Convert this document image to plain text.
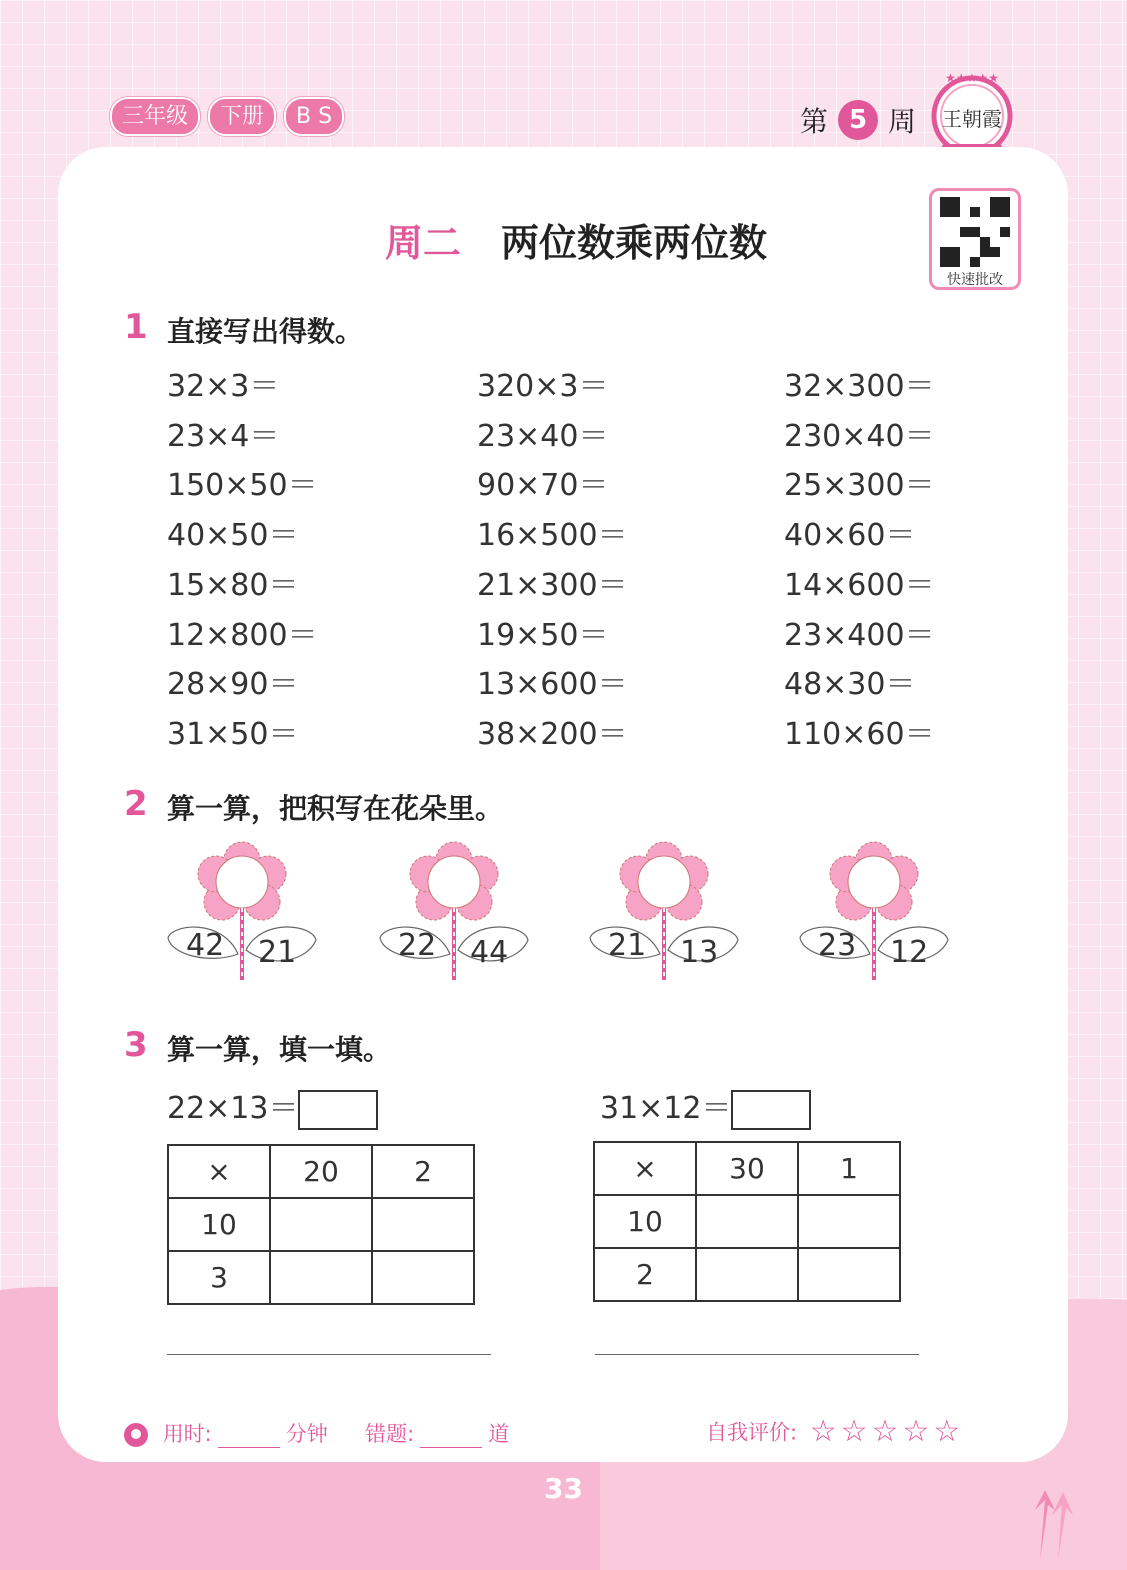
三年级	下册	B S	第 5 周
★★★★★
王朝霞
快速批改
周二 两位数乘两位数
1 直接写出得数。
32×3＝	320×3＝	32×300＝
23×4＝	23×40＝	230×40＝
150×50＝	90×70＝	25×300＝
40×50＝	16×500＝	40×60＝
15×80＝	21×300＝	14×600＝
12×800＝	19×50＝	23×400＝
28×90＝	13×600＝	48×30＝
31×50＝	38×200＝	110×60＝
2 算一算，把积写在花朵里。
42 21	22 44	21 13	23 12
3 算一算，填一填。
22×13＝	31×12＝
×	20	2
10		
3		
×	30	1
10		
2		
用时:	分钟 错题:	道	自我评价: ☆☆☆☆☆
33
